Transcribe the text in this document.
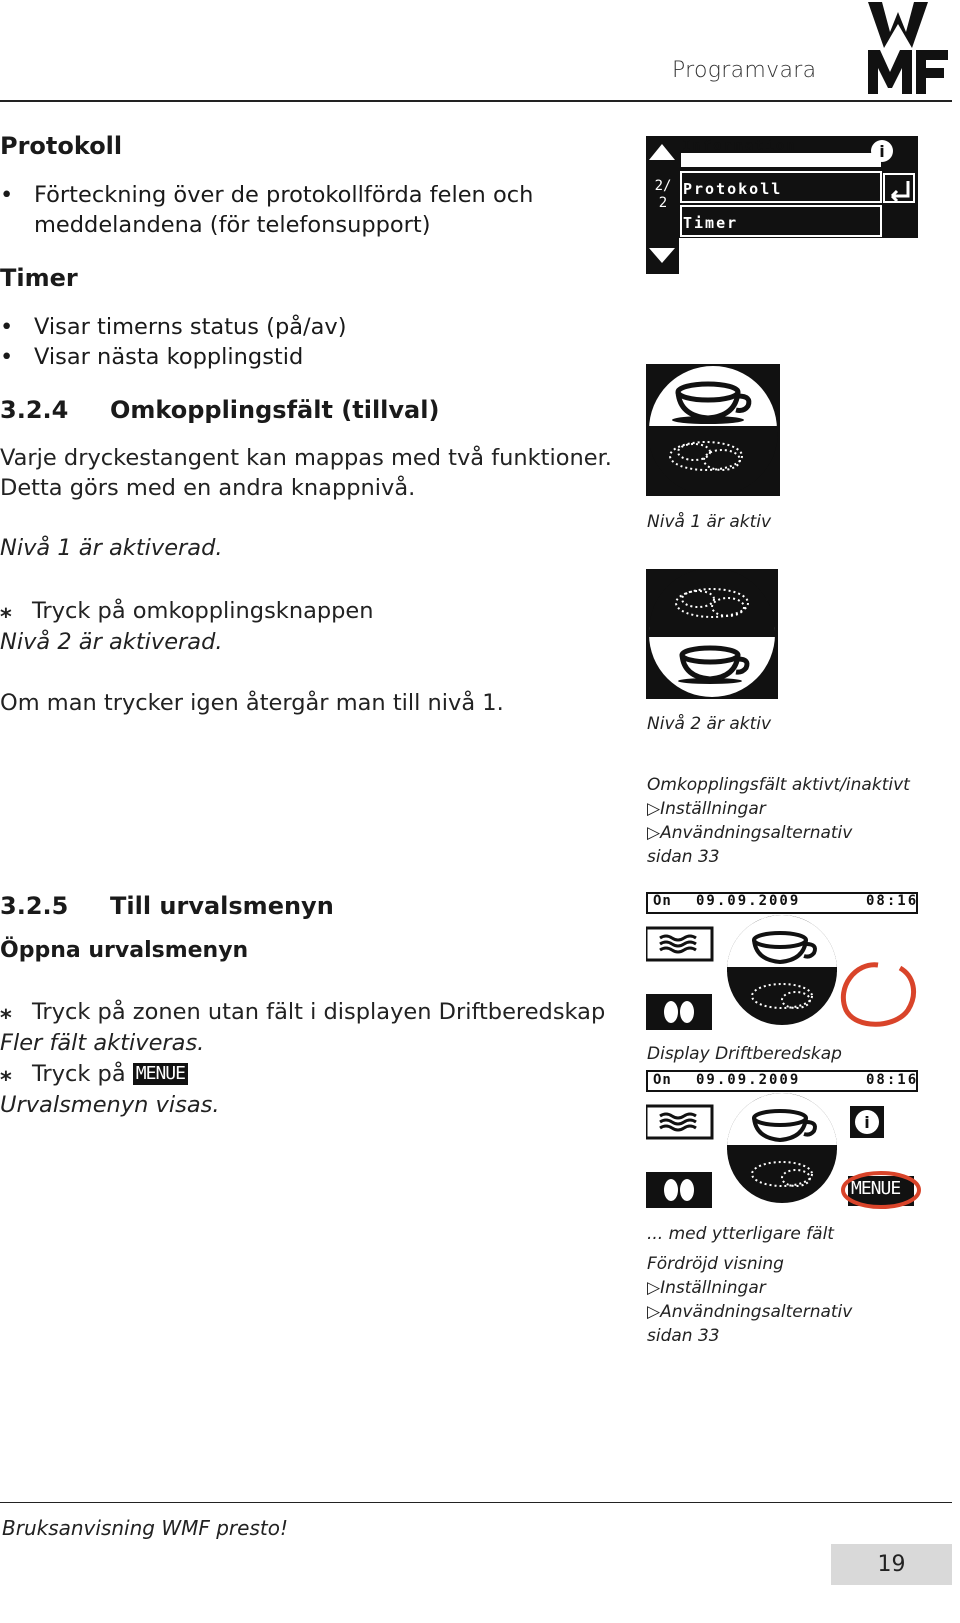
Programvara
Protokoll
• Förteckning över de protokollförda felen och
meddelandena (för telefonsupport)
Timer
• Visar timerns status (på/av)
• Visar nästa kopplingstid
3.2.4 Omkopplingsfält (tillval)
Varje dryckestangent kan mappas med två funktioner.
Detta görs med en andra knappnivå.
Nivå 1 är aktiverad.
⁎ Tryck på omkopplingsknappen
Nivå 2 är aktiverad.
Om man trycker igen återgår man till nivå 1.
3.2.5 Till urvalsmenyn
Öppna urvalsmenyn
⁎ Tryck på zonen utan fält i displayen Driftberedskap
Fler fält aktiveras.
⁎ Tryck på MENUE
Urvalsmenyn visas.
i
Information
Protokoll
Timer
2/2
Nivå 1 är aktiv
Nivå 2 är aktiv
Omkopplingsfält aktivt/inaktivt
▷Inställningar
▷Användningsalternativ
sidan 33
On 09.09.2009	08:16
Display Driftberedskap
i
On 09.09.2009	08:16
MENUE
... med ytterligare fält
Fördröjd visning
▷Inställningar
▷Användningsalternativ
sidan 33
Bruksanvisning WMF presto!
19
